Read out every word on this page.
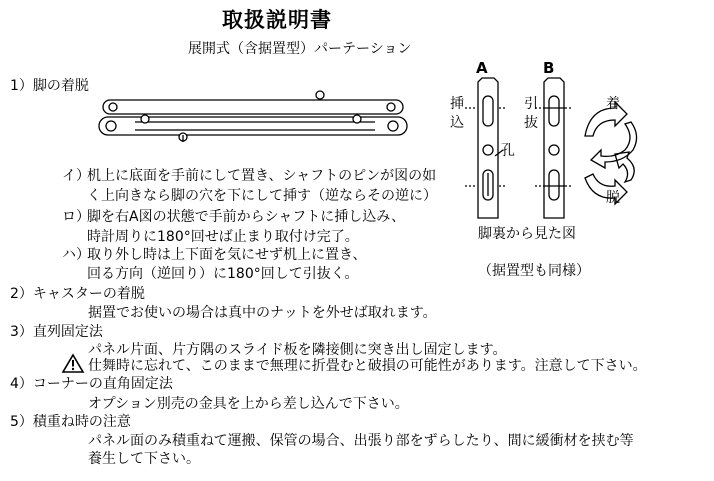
取扱説明書
展開式（含据置型）パーテーション
1）脚の着脱
イ）
机上に底面を手前にして置き、シャフトのピンが図の如
く上向きなら脚の穴を下にして挿す（逆ならその逆に）
ロ）
脚を右A図の状態で手前からシャフトに挿し込み、
時計周りに180°回せば止まり取付け完了。
ハ）
取り外し時は上下面を気にせず机上に置き、
回る方向（逆回り）に180°回して引抜く。
A	B
挿
込
引
抜
孔
着
脱
脚裏から見た図
（据置型も同様）
2）キャスターの着脱
据置でお使いの場合は真中のナットを外せば取れます。
3）直列固定法
パネル片面、片方隅のスライド板を隣接側に突き出し固定します。
仕舞時に忘れて、このままで無理に折畳むと破損の可能性があります。注意して下さい。
4）コーナーの直角固定法
オプション別売の金具を上から差し込んで下さい。
5）積重ね時の注意
パネル面のみ積重ねて運搬、保管の場合、出張り部をずらしたり、間に緩衝材を挟む等
養生して下さい。
